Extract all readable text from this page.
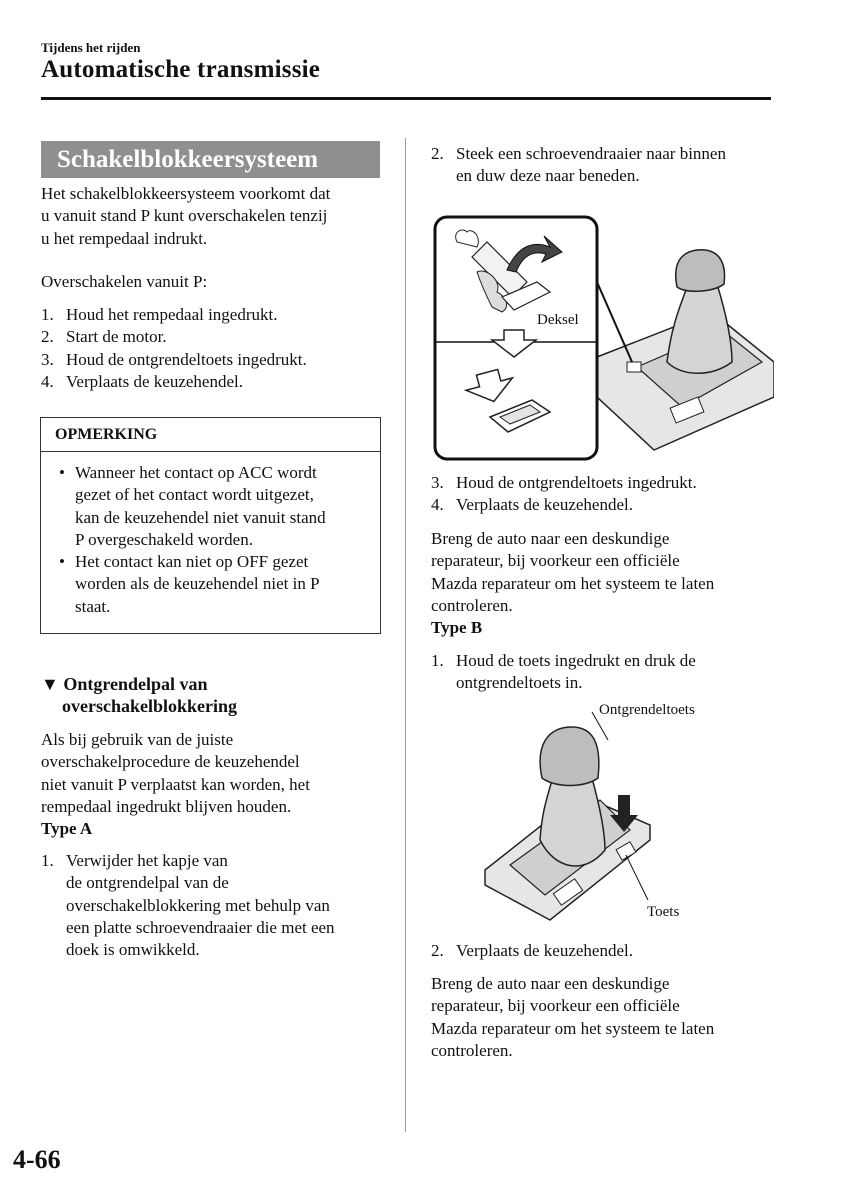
Tijdens het rijden
Automatische transmissie
Schakelblokkeersysteem

Het schakelblokkeersysteem voorkomt dat

u vanuit stand P kunt overschakelen tenzij

u het rempedaal indrukt.

Overschakelen vanuit P:
1. Houd het rempedaal ingedrukt.
2. Start de motor.
3. Houd de ontgrendeltoets ingedrukt.
4. Verplaats de keuzehendel.
OPMERKING
• Wanneer het contact op ACC wordt
gezet of het contact wordt uitgezet,
kan de keuzehendel niet vanuit stand
P overgeschakeld worden.
• Het contact kan niet op OFF gezet
worden als de keuzehendel niet in P
staat.
▼ Ontgrendelpal van
overschakelblokkering

Als bij gebruik van de juiste

overschakelprocedure de keuzehendel

niet vanuit P verplaatst kan worden, het

rempedaal ingedrukt blijven houden.

Type A

1. Verwijder het kapje van
de ontgrendelpal van de
overschakelblokkering met behulp van
een platte schroevendraaier die met een
doek is omwikkeld.
2. Steek een schroevendraaier naar binnen
en duw deze naar beneden.
Deksel
3. Houd de ontgrendeltoets ingedrukt.
4. Verplaats de keuzehendel.

Breng de auto naar een deskundige

reparateur, bij voorkeur een officiële

Mazda reparateur om het systeem te laten

controleren.

Type B

1. Houd de toets ingedrukt en druk de
ontgrendeltoets in.
Ontgrendeltoets
Toets
2. Verplaats de keuzehendel.

Breng de auto naar een deskundige

reparateur, bij voorkeur een officiële

Mazda reparateur om het systeem te laten

controleren.

4-66
